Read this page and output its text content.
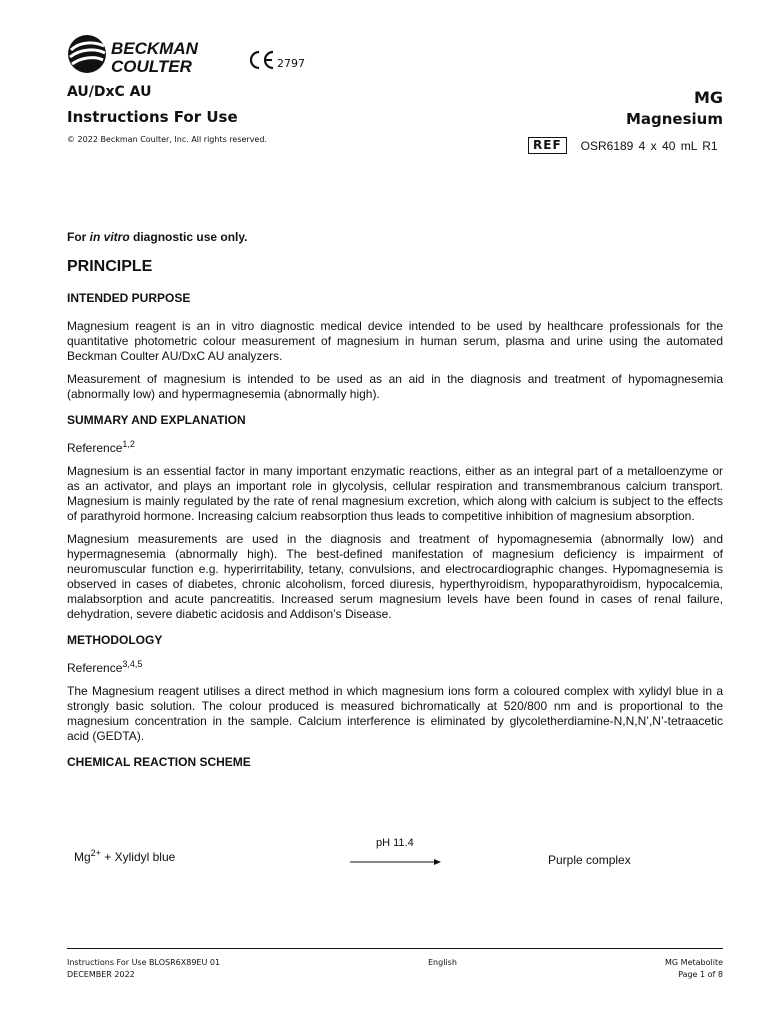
BECKMAN
COULTER	2797
AU/DxC AU
Instructions For Use
© 2022 Beckman Coulter, Inc. All rights reserved.
MG
Magnesium
REF	OSR6189 4 x 40 mL R1
For in vitro diagnostic use only.
PRINCIPLE
INTENDED PURPOSE

Magnesium reagent is an in vitro diagnostic medical device intended to be used by healthcare professionals for the quantitative photometric colour measurement of magnesium in human serum, plasma and urine using the automated Beckman Coulter AU/DxC AU analyzers.

Measurement of magnesium is intended to be used as an aid in the diagnosis and treatment of hypomagnesemia (abnormally low) and hypermagnesemia (abnormally high).

SUMMARY AND EXPLANATION

Reference$^{1,2}$

Magnesium is an essential factor in many important enzymatic reactions, either as an integral part of a metalloenzyme or as an activator, and plays an important role in glycolysis, cellular respiration and transmembranous calcium transport. Magnesium is mainly regulated by the rate of renal magnesium excretion, which along with calcium is subject to the effects of parathyroid hormone. Increasing calcium reabsorption thus leads to competitive inhibition of magnesium absorption.

Magnesium measurements are used in the diagnosis and treatment of hypomagnesemia (abnormally low) and hypermagnesemia (abnormally high). The best-defined manifestation of magnesium deficiency is impairment of neuromuscular function e.g. hyperirritability, tetany, convulsions, and electrocardiographic changes. Hypomagnesemia is observed in cases of diabetes, chronic alcoholism, forced diuresis, hyperthyroidism, hypoparathyroidism, hypocalcemia, malabsorption and acute pancreatitis. Increased serum magnesium levels have been found in cases of renal failure, dehydration, severe diabetic acidosis and Addison’s Disease.

METHODOLOGY

Reference$^{3,4,5}$

The Magnesium reagent utilises a direct method in which magnesium ions form a coloured complex with xylidyl blue in a strongly basic solution. The colour produced is measured bichromatically at 520/800 nm and is proportional to the magnesium concentration in the sample. Calcium interference is eliminated by glycoletherdiamine-N,N,N’,N’-tetraacetic acid (GEDTA).

CHEMICAL REACTION SCHEME
$Mg^{2+}$ + Xylidyl blue
pH 11.4
Purple complex
Instructions For Use BLOSR6X89EU 01
DECEMBER 2022
English	MG Metabolite
Page 1 of 8
